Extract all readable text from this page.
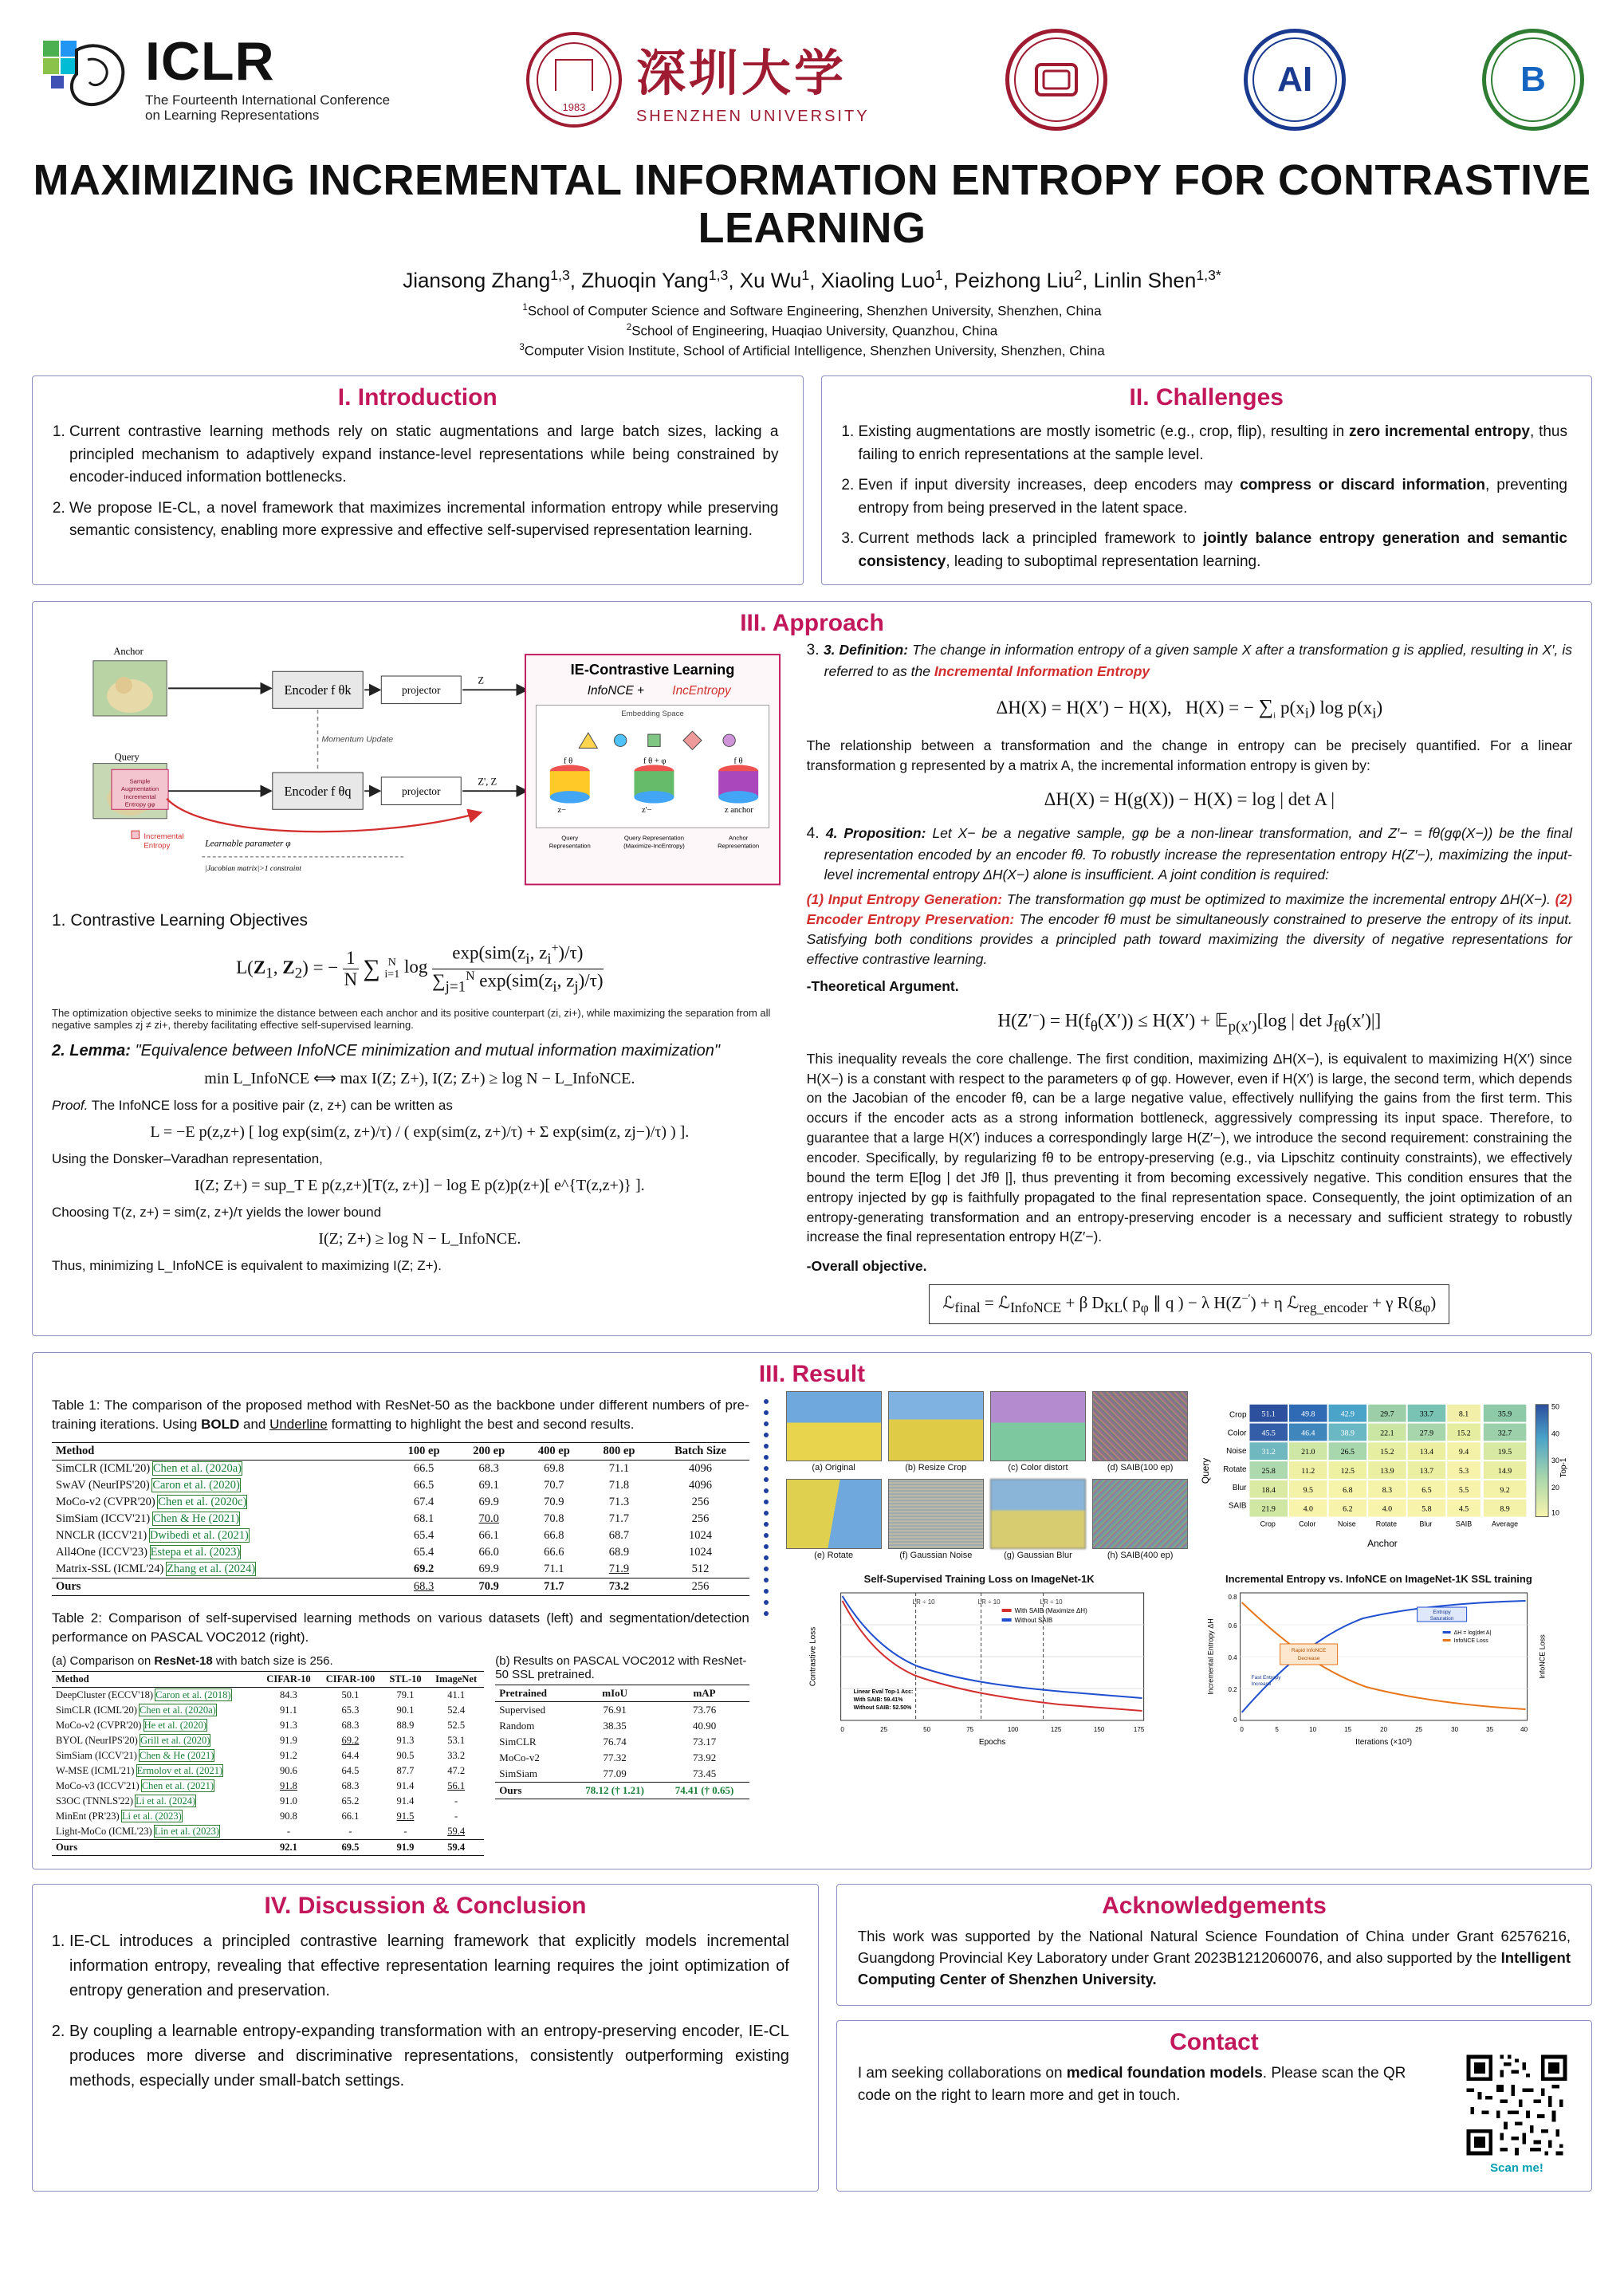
ICLR
The Fourteenth International Conference
on Learning Representations
1983
深圳大学
SHENZHEN UNIVERSITY
AI	B
MAXIMIZING INCREMENTAL INFORMATION ENTROPY FOR CONTRASTIVE LEARNING
Jiansong Zhang$^{1,3}$, Zhuoqin Yang$^{1,3}$, Xu Wu$^1$, Xiaoling Luo$^1$, Peizhong Liu$^2$, Linlin Shen$^{1,3*}$
$^1$School of Computer Science and Software Engineering, Shenzhen University, Shenzhen, China
$^2$School of Engineering, Huaqiao University, Quanzhou, China
$^3$Computer Vision Institute, School of Artificial Intelligence, Shenzhen University, Shenzhen, China
I. Introduction
1. Current contrastive learning methods rely on static augmentations and large batch sizes, lacking a principled mechanism to adaptively expand instance-level representations while being constrained by encoder-induced information bottlenecks.
2. We propose IE-CL, a novel framework that maximizes incremental information entropy while preserving semantic consistency, enabling more expressive and effective self-supervised representation learning.
II. Challenges
1. Existing augmentations are mostly isometric (e.g., crop, flip), resulting in zero incremental entropy, thus failing to enrich representations at the sample level.
2. Even if input diversity increases, deep encoders may compress or discard information, preventing entropy from being preserved in the latent space.
3. Current methods lack a principled framework to jointly balance entropy generation and semantic consistency, leading to suboptimal representation learning.
III. Approach
Anchor
Query
Sample
Augmentation
Incremental
Entropy gφ
Encoder f θk
Encoder f θq
projector
projector
Momentum Update
Z
Z', Z
Incremental
Entropy	Learnable parameter φ
|Jacobian matrix|>1 constraint
IE-Contrastive Learning
InfoNCE + IncEntropy
Embedding Space
f θ	f θ + φ	f θ
z−	z'−	z anchor
Query
Representation
Query Representation
(Maximize-IncEntropy)
Anchor
Representation
1. Contrastive Learning Objectives
$L(Z_1$, $Z_2$) = − $\frac{1}{N}$ ∑ N
i=1 log
$\exp(sim(z_i$, $z_i^+)/\tau$)
$\sum_{j=1}^N$ $\exp(sim(z_i$, $z_j)/\tau$)
The optimization objective seeks to minimize the distance between each anchor and its positive counterpart (zi, zi+), while maximizing the separation from all negative samples zj ≠ zi+, thereby facilitating effective self-supervised learning.
2. Lemma: "Equivalence between InfoNCE minimization and mutual information maximization"
min L_InfoNCE ⟺ max I(Z; Z+), I(Z; Z+) ≥ log N − L_InfoNCE.
Proof. The InfoNCE loss for a positive pair (z, z+) can be written as
L = −E p(z,z+) [ log exp(sim(z, z+)/τ) / ( exp(sim(z, z+)/τ) + Σ exp(sim(z, zj−)/τ) ) ].
Using the Donsker–Varadhan representation,
I(Z; Z+) = sup_T E p(z,z+)[T(z, z+)] − log E p(z)p(z+)[ e^{T(z,z+)} ].
Choosing T(z, z+) = sim(z, z+)/τ yields the lower bound
I(Z; Z+) ≥ log N − L_InfoNCE.
Thus, minimizing L_InfoNCE is equivalent to maximizing I(Z; Z+).
3. 3. Definition: The change in information entropy of a given sample X after a transformation g is applied, resulting in X′, is referred to as the Incremental Information Entropy
ΔH(X) = H(X′) − H(X),   H(X) = − $\sum_i$ $p(x_i)$ $\log p(x_i)$
The relationship between a transformation and the change in entropy can be precisely quantified. For a linear transformation g represented by a matrix A, the incremental information entropy is given by:
ΔH(X) = H(g(X)) − H(X) = log | det A |
4. 4. Proposition: Let X− be a negative sample, gφ be a non-linear transformation, and Z′− = fθ(gφ(X−)) be the final representation encoded by an encoder fθ. To robustly increase the representation entropy H(Z′−), maximizing the input-level incremental entropy ΔH(X−) alone is insufficient. A joint condition is required:
(1) Input Entropy Generation: The transformation gφ must be optimized to maximize the incremental entropy ΔH(X−). (2) Encoder Entropy Preservation: The encoder fθ must be simultaneously constrained to preserve the entropy of its input. Satisfying both conditions provides a principled path toward maximizing the diversity of negative representations for effective contrastive learning.
-Theoretical Argument.
$H(Z'^-) = H(f_\theta(X')) \le H(X')$ + 𝔼$_{p(x')}$[log | $\det J_{f\theta}(x')|$]
This inequality reveals the core challenge. The first condition, maximizing ΔH(X−), is equivalent to maximizing H(X′) since H(X−) is a constant with respect to the parameters φ of gφ. However, even if H(X′) is large, the second term, which depends on the Jacobian of the encoder fθ, can be a large negative value, effectively nullifying the gains from the first term. This occurs if the encoder acts as a strong information bottleneck, aggressively compressing its input space. Therefore, to guarantee that a large H(X′) induces a correspondingly large H(Z′−), we introduce the second requirement: constraining the encoder. Specifically, by regularizing fθ to be entropy-preserving (e.g., via Lipschitz continuity constraints), we effectively bound the term E[log | det Jfθ |], thus preventing it from becoming excessively negative. This condition ensures that the entropy injected by gφ is faithfully propagated to the final representation space. Consequently, the joint optimization of an entropy-generating transformation and an entropy-preserving encoder is a necessary and sufficient strategy to robustly increase the final representation entropy H(Z′−).
-Overall objective.
ℒ$_{final}$ = ℒ$_{InfoNCE}$ + β $D_{KL}$( $p_\varphi$ ∥ q ) − λ H(Z−′) + η ℒ$_{reg\_encoder}$ + γ $R(g_\varphi)$
III. Result
Table 1: The comparison of the proposed method with ResNet-50 as the backbone under different numbers of pre-training iterations. Using BOLD and Underline formatting to highlight the best and second results.
Method	100 ep	200 ep	400 ep	800 ep	Batch Size
SimCLR (ICML'20) Chen et al. (2020a)	66.5	68.3	69.8	71.1	4096
SwAV (NeurIPS'20) Caron et al. (2020)	66.5	69.1	70.7	71.8	4096
MoCo-v2 (CVPR'20) Chen et al. (2020c)	67.4	69.9	70.9	71.3	256
SimSiam (ICCV'21) Chen & He (2021)	68.1	70.0	70.8	71.7	256
NNCLR (ICCV'21) Dwibedi et al. (2021)	65.4	66.1	66.8	68.7	1024
All4One (ICCV'23) Estepa et al. (2023)	65.4	66.0	66.6	68.9	1024
Matrix-SSL (ICML'24) Zhang et al. (2024)	69.2	69.9	71.1	71.9	512
Ours	68.3	70.9	71.7	73.2	256
Table 2: Comparison of self-supervised learning methods on various datasets (left) and segmentation/detection performance on PASCAL VOC2012 (right).
(a) Comparison on ResNet-18 with batch size is 256.
Method	CIFAR-10	CIFAR-100	STL-10	ImageNet
DeepCluster (ECCV'18) Caron et al. (2018)	84.3	50.1	79.1	41.1
SimCLR (ICML'20) Chen et al. (2020a)	91.1	65.3	90.1	52.4
MoCo-v2 (CVPR'20) He et al. (2020)	91.3	68.3	88.9	52.5
BYOL (NeurIPS'20) Grill et al. (2020)	91.9	69.2	91.3	53.1
SimSiam (ICCV'21) Chen & He (2021)	91.2	64.4	90.5	33.2
W-MSE (ICML'21) Ermolov et al. (2021)	90.6	64.5	87.7	47.2
MoCo-v3 (ICCV'21) Chen et al. (2021)	91.8	68.3	91.4	56.1
S3OC (TNNLS'22) Li et al. (2024)	91.0	65.2	91.4	-
MinEnt (PR'23) Li et al. (2023)	90.8	66.1	91.5	-
Light-MoCo (ICML'23) Lin et al. (2023)	-	-	-	59.4
Ours	92.1	69.5	91.9	59.4
(b) Results on PASCAL VOC2012 with ResNet-50 SSL pretrained.
Pretrained	mIoU	mAP
Supervised	76.91	73.76
Random	38.35	40.90
SimCLR	76.74	73.17
MoCo-v2	77.32	73.92
SimSiam	77.09	73.45
Ours	78.12 († 1.21)	74.41 († 0.65)
(a) Original	(b) Resize Crop	(c) Color distort	(d) SAIB(100 ep)
(e) Rotate	(f) Gaussian Noise	(g) Gaussian Blur	(h) SAIB(400 ep)
Query
Anchor
Crop
Color
Noise
Rotate
Blur
SAIB
Crop	Color	Noise	Rotate	Blur	SAIB	Average
51.1	49.8	42.9	29.7	33.7	8.1	35.9
45.5	46.4	38.9	22.1	27.9	15.2	32.7
31.2	21.0	26.5	15.2	13.4	9.4	19.5
25.8	11.2	12.5	13.9	13.7	5.3	14.9
18.4	9.5	6.8	8.3	6.5	5.5	9.2
21.9	4.0	6.2	4.0	5.8	4.5	8.9
50
40
30
20
10
Top-1
Self-Supervised Training Loss on ImageNet-1K
LR ÷ 10	LR ÷ 10	LR ÷ 10
0	25	50	75	100	125	150	175
Epochs
Contrastive Loss
With SAIB (Maximize ΔH)
Without SAIB
Linear Eval Top-1 Acc:
With SAIB: 59.41%
Without SAIB: 52.50%
Incremental Entropy vs. InfoNCE on ImageNet-1K SSL training
Rapid InfoNCE
Decrease
Entropy
Saturation
Fast Entropy
Increase
0	5	10	15	20	25	30	35	40
0
0.2
0.4
0.6
0.8
Iterations (×10³)
Incremental Entropy ΔH	InfoNCE Loss
ΔH = log|det A|
InfoNCE Loss
IV. Discussion & Conclusion
1. IE-CL introduces a principled contrastive learning framework that explicitly models incremental information entropy, revealing that effective representation learning requires the joint optimization of entropy generation and preservation.
2. By coupling a learnable entropy-expanding transformation with an entropy-preserving encoder, IE-CL produces more diverse and discriminative representations, consistently outperforming existing methods, especially under small-batch settings.
Acknowledgements
This work was supported by the National Natural Science Foundation of China under Grant 62576216, Guangdong Provincial Key Laboratory under Grant 2023B1212060076, and also supported by the Intelligent Computing Center of Shenzhen University.
Contact
I am seeking collaborations on medical foundation models. Please scan the QR code on the right to learn more and get in touch.
Scan me!
